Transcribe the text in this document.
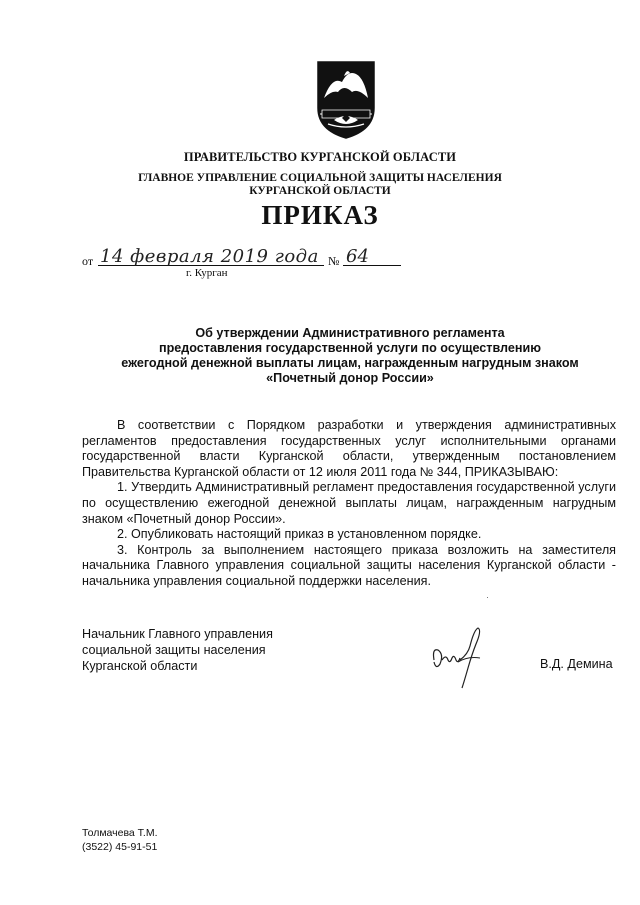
ПРАВИТЕЛЬСТВО КУРГАНСКОЙ ОБЛАСТИ
ГЛАВНОЕ УПРАВЛЕНИЕ СОЦИАЛЬНОЙ ЗАЩИТЫ НАСЕЛЕНИЯ
КУРГАНСКОЙ ОБЛАСТИ
ПРИКАЗ
от 14 февраля 2019 года № 64
г. Курган
Об утверждении Административного регламента
предоставления государственной услуги по осуществлению
ежегодной денежной выплаты лицам, награжденным нагрудным знаком
«Почетный донор России»

В соответствии с Порядком разработки и утверждения административных регламентов предоставления государственных услуг исполнительными органами государственной власти Курганской области, утвержденным постановлением

Правительства Курганской области от 12 июля 2011 года № 344, ПРИКАЗЫВАЮ:

1. Утвердить Административный регламент предоставления государственной услуги по осуществлению ежегодной денежной выплаты лицам, награжденным нагрудным знаком «Почетный донор России».

2. Опубликовать настоящий приказ в установленном порядке.

3. Контроль за выполнением настоящего приказа возложить на заместителя начальника Главного управления социальной защиты населения Курганской области - начальника управления социальной поддержки населения.

Начальник Главного управления
социальной защиты населения
Курганской области	В.Д. Демина
Толмачева Т.М.
(3522) 45-91-51
